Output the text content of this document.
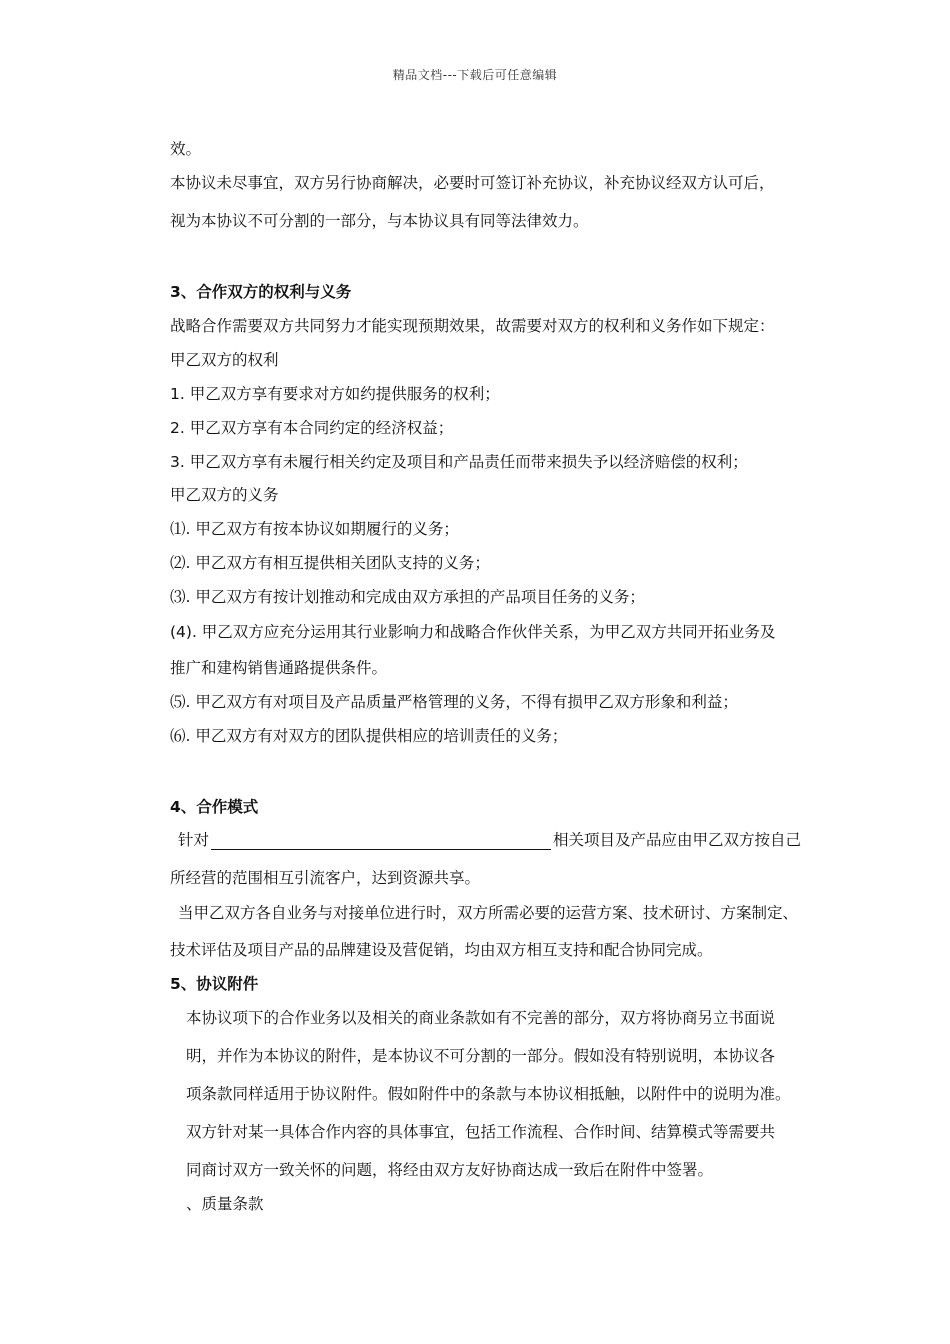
精品文档---下载后可任意编辑
效。
本协议未尽事宜，双方另行协商解决，必要时可签订补充协议，补充协议经双方认可后，
视为本协议不可分割的一部分，与本协议具有同等法律效力。
3、合作双方的权利与义务
战略合作需要双方共同努力才能实现预期效果，故需要对双方的权利和义务作如下规定：
甲乙双方的权利
1. 甲乙双方享有要求对方如约提供服务的权利；
2. 甲乙双方享有本合同约定的经济权益；
3. 甲乙双方享有未履行相关约定及项目和产品责任而带来损失予以经济赔偿的权利；
甲乙双方的义务
⑴. 甲乙双方有按本协议如期履行的义务；
⑵. 甲乙双方有相互提供相关团队支持的义务；
⑶. 甲乙双方有按计划推动和完成由双方承担的产品项目任务的义务；
(4). 甲乙双方应充分运用其行业影响力和战略合作伙伴关系，为甲乙双方共同开拓业务及
推广和建构销售通路提供条件。
⑸. 甲乙双方有对项目及产品质量严格管理的义务，不得有损甲乙双方形象和利益；
⑹. 甲乙双方有对双方的团队提供相应的培训责任的义务；
4、合作模式
针对	相关项目及产品应由甲乙双方按自己
所经营的范围相互引流客户，达到资源共享。
当甲乙双方各自业务与对接单位进行时，双方所需必要的运营方案、技术研讨、方案制定、
技术评估及项目产品的品牌建设及营促销，均由双方相互支持和配合协同完成。
5、协议附件
本协议项下的合作业务以及相关的商业条款如有不完善的部分，双方将协商另立书面说
明，并作为本协议的附件，是本协议不可分割的一部分。假如没有特别说明，本协议各
项条款同样适用于协议附件。假如附件中的条款与本协议相抵触，以附件中的说明为准。
双方针对某一具体合作内容的具体事宜，包括工作流程、合作时间、结算模式等需要共
同商讨双方一致关怀的问题，将经由双方友好协商达成一致后在附件中签署。
、质量条款
